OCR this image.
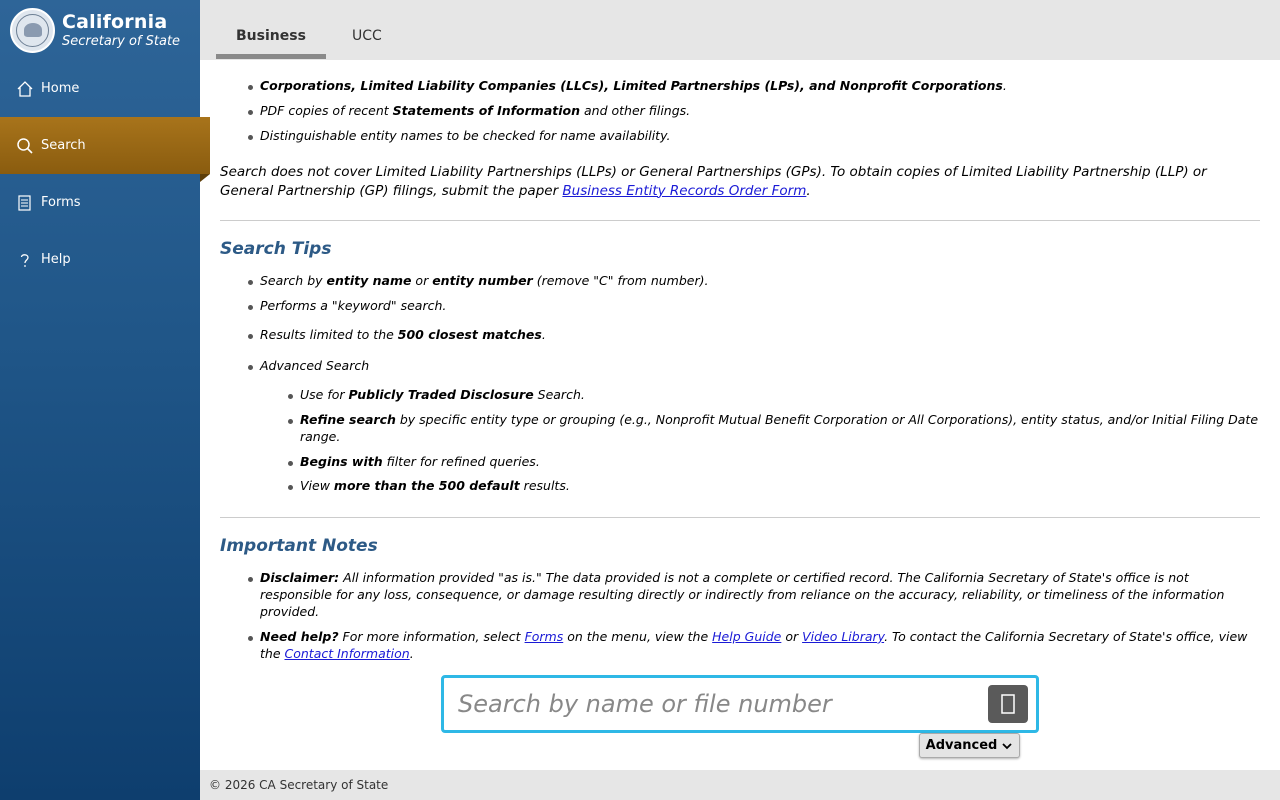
California
Secretary of State
Home
Search
Forms
Help
Business	UCC
Corporations, Limited Liability Companies (LLCs), Limited Partnerships (LPs), and Nonprofit Corporations.
PDF copies of recent Statements of Information and other filings.
Distinguishable entity names to be checked for name availability.
Search does not cover Limited Liability Partnerships (LLPs) or General Partnerships (GPs). To obtain copies of Limited Liability Partnership (LLP) or General Partnership (GP) filings, submit the paper Business Entity Records Order Form.
Search Tips
Search by entity name or entity number (remove "C" from number).
Performs a "keyword" search.
Results limited to the 500 closest matches.
Advanced Search
Use for Publicly Traded Disclosure Search.
Refine search by specific entity type or grouping (e.g., Nonprofit Mutual Benefit Corporation or All Corporations), entity status, and/or Initial Filing Date range.
Begins with filter for refined queries.
View more than the 500 default results.
Important Notes
Disclaimer: All information provided "as is." The data provided is not a complete or certified record. The California Secretary of State's office is not responsible for any loss, consequence, or damage resulting directly or indirectly from reliance on the accuracy, reliability, or timeliness of the information provided.
Need help? For more information, select Forms on the menu, view the Help Guide or Video Library. To contact the California Secretary of State's office, view the Contact Information.
Search by name or file number
Advanced
© 2026 CA Secretary of State
